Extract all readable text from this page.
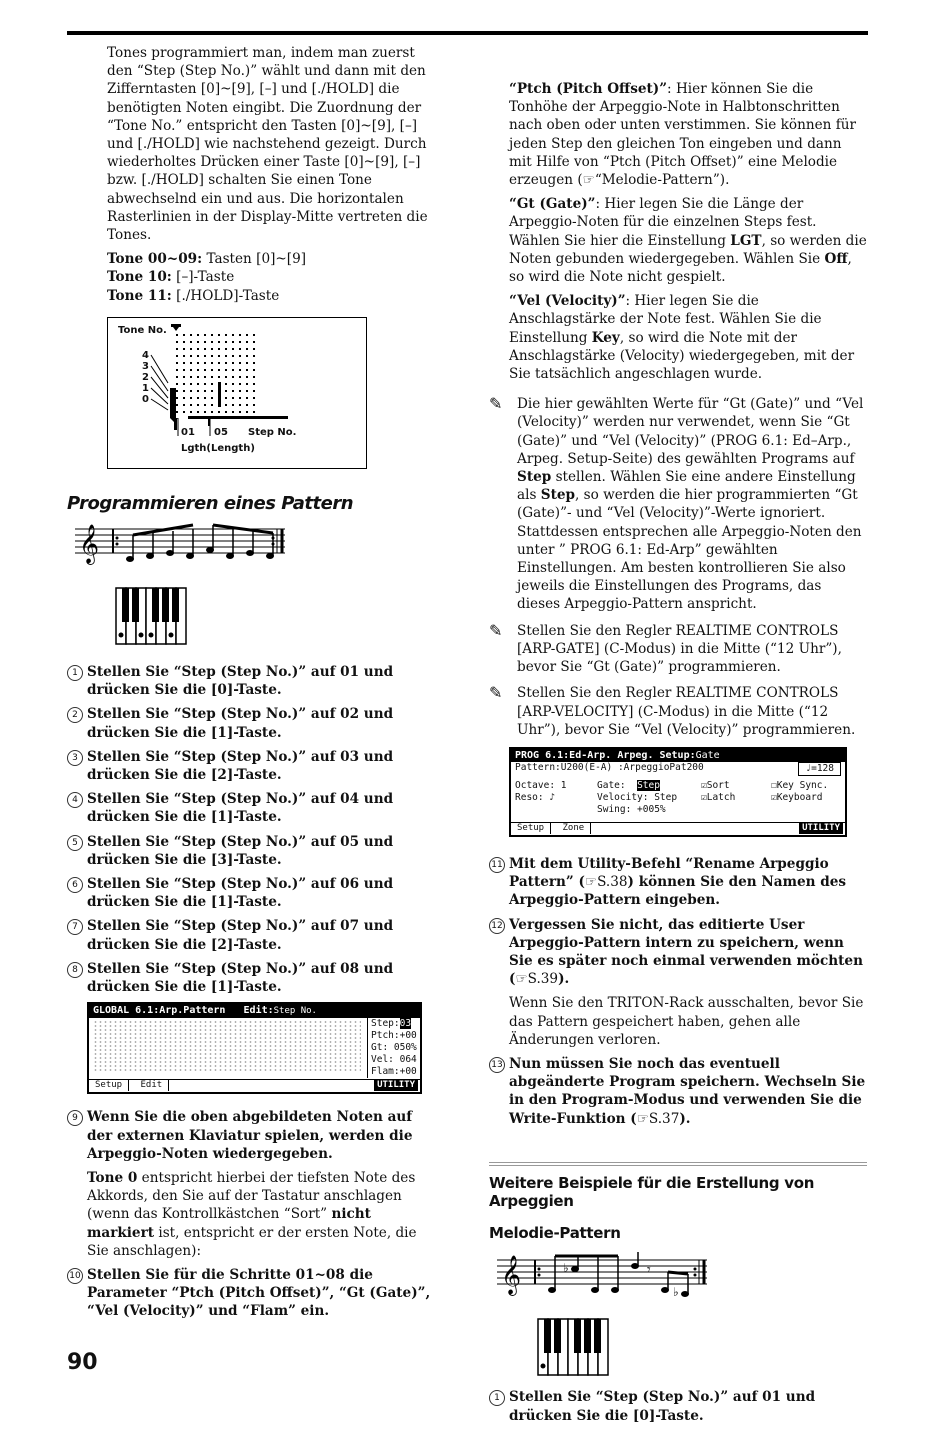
Tones programmiert man, indem man zuerst den “Step (Step No.)” wählt und dann mit den Zifferntasten [0]~[9], [–] und [./HOLD] die benötigten Noten eingibt. Die Zuordnung der “Tone No.” entspricht den Tasten [0]~[9], [–] und [./HOLD] wie nachstehend gezeigt. Durch wiederholtes Drücken einer Taste [0]~[9], [–] bzw. [./HOLD] schalten Sie einen Tone abwechselnd ein und aus. Die horizontalen Rasterlinien in der Display-Mitte vertreten die Tones.

Tone 00~09: Tasten [0]~[9]
Tone 10: [–]-Taste
Tone 11: [./HOLD]-Taste
Tone No.
4
3
2
1
0
01 05 Step No.
Lgth(Length)
Programmieren eines Pattern
𝄞
1 Stellen Sie “Step (Step No.)” auf 01 und drücken Sie die [0]-Taste.
2 Stellen Sie “Step (Step No.)” auf 02 und drücken Sie die [1]-Taste.
3 Stellen Sie “Step (Step No.)” auf 03 und drücken Sie die [2]-Taste.
4 Stellen Sie “Step (Step No.)” auf 04 und drücken Sie die [1]-Taste.
5 Stellen Sie “Step (Step No.)” auf 05 und drücken Sie die [3]-Taste.
6 Stellen Sie “Step (Step No.)” auf 06 und drücken Sie die [1]-Taste.
7 Stellen Sie “Step (Step No.)” auf 07 und drücken Sie die [2]-Taste.
8 Stellen Sie “Step (Step No.)” auf 08 und drücken Sie die [1]-Taste.
GLOBAL 6.1:Arp.Pattern Edit:Step No.
Step:03
Ptch:+00
Gt: 050%
Vel: 064
Flam:+00
Setup Edit	UTILITY
9 Wenn Sie die oben abgebildeten Noten auf der externen Klaviatur spielen, werden die Arpeggio-Noten wiedergegeben.

Tone 0 entspricht hierbei der tiefsten Note des Akkords, den Sie auf der Tastatur anschlagen (wenn das Kontrollkästchen “Sort” nicht markiert ist, entspricht er der ersten Note, die Sie anschlagen):

10 Stellen Sie für die Schritte 01~08 die Parameter “Ptch (Pitch Offset)”, “Gt (Gate)”, “Vel (Velocity)” und “Flam” ein.

“Ptch (Pitch Offset)”: Hier können Sie die Tonhöhe der Arpeggio-Note in Halbtonschritten nach oben oder unten verstimmen. Sie können für jeden Step den gleichen Ton eingeben und dann mit Hilfe von “Ptch (Pitch Offset)” eine Melodie erzeugen (☞“Melodie-Pattern”).

“Gt (Gate)”: Hier legen Sie die Länge der Arpeggio-Noten für die einzelnen Steps fest. Wählen Sie hier die Einstellung LGT, so werden die Noten gebunden wiedergegeben. Wählen Sie Off, so wird die Note nicht gespielt.

“Vel (Velocity)”: Hier legen Sie die Anschlagstärke der Note fest. Wählen Sie die Einstellung Key, so wird die Note mit der Anschlagstärke (Velocity) wiedergegeben, mit der Sie tatsächlich angeschlagen wurde.

✎	Die hier gewählten Werte für “Gt (Gate)” und “Vel (Velocity)” werden nur verwendet, wenn Sie “Gt (Gate)” und “Vel (Velocity)” (PROG 6.1: Ed–Arp., Arpeg. Setup-Seite) des gewählten Programs auf Step stellen. Wählen Sie eine andere Einstellung als Step, so werden die hier programmierten “Gt (Gate)”- und “Vel (Velocity)”-Werte ignoriert. Stattdessen entsprechen alle Arpeggio-Noten den unter ” PROG 6.1: Ed-Arp” gewählten Einstellungen. Am besten kontrollieren Sie also jeweils die Einstellungen des Programs, das dieses Arpeggio-Pattern anspricht.
✎	Stellen Sie den Regler REALTIME CONTROLS [ARP-GATE] (C-Modus) in die Mitte (“12 Uhr”), bevor Sie “Gt (Gate)” programmieren.
✎	Stellen Sie den Regler REALTIME CONTROLS [ARP-VELOCITY] (C-Modus) in die Mitte (“12 Uhr”), bevor Sie “Vel (Velocity)” programmieren.
PROG 6.1:Ed-Arp. Arpeg. Setup:Gate
Pattern:U200(E-A) :ArpeggioPat200	♩=128
Octave: 1
Reso: ♪
Gate: Step
Velocity: Step
Swing: +005%
☑Sort
☑Latch
☐Key Sync.
☑Keyboard
Setup Zone	UTILITY
11 Mit dem Utility-Befehl “Rename Arpeggio Pattern” (☞S.38) können Sie den Namen des Arpeggio-Pattern eingeben.
12 Vergessen Sie nicht, das editierte User Arpeggio-Pattern intern zu speichern, wenn Sie es später noch einmal verwenden möchten (☞S.39).

Wenn Sie den TRITON-Rack ausschalten, bevor Sie das Pattern gespeichert haben, gehen alle Änderungen verloren.

13 Nun müssen Sie noch das eventuell abgeänderte Program speichern. Wechseln Sie in den Program-Modus und verwenden Sie die Write-Funktion (☞S.37).
Weitere Beispiele für die Erstellung von Arpeggien
Melodie-Pattern
𝄞	♭
♭
𝄾
1 Stellen Sie “Step (Step No.)” auf 01 und drücken Sie die [0]-Taste.
90
